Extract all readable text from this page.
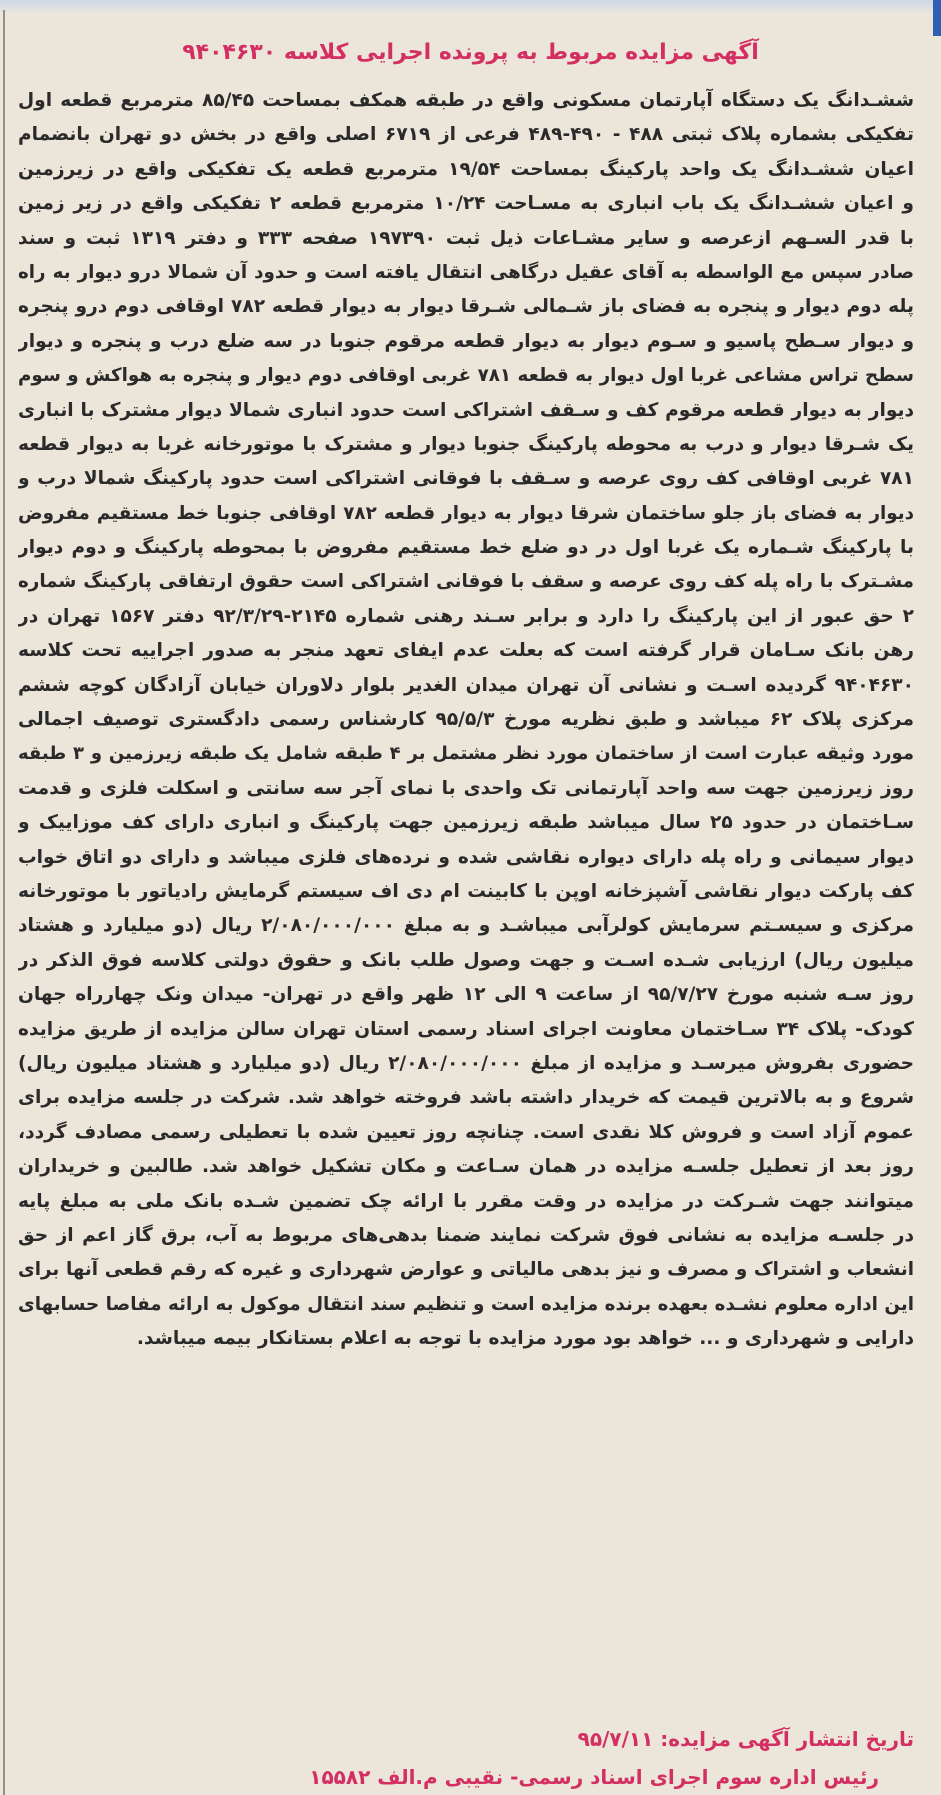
آگهی مزایده مربوط به پرونده اجرایی کلاسه ۹۴۰۴۶۳۰
ششـدانگ یک دستگاه آپارتمان مسکونی واقع در طبقه همکف بمساحت ۸۵/۴۵ مترمربع قطعه اول
تفکیکی بشماره پلاک ثبتی ۴۸۸ - ۴۹۰-۴۸۹ فرعی از ۶۷۱۹ اصلی واقع در بخش دو تهران بانضمام
اعیان ششـدانگ یک واحد پارکینگ بمساحت ۱۹/۵۴ مترمربع قطعه یک تفکیکی واقع در زیرزمین
و اعیان ششـدانگ یک باب انباری به مسـاحت ۱۰/۲۴ مترمربع قطعه ۲ تفکیکی واقع در زیر زمین
با قدر السـهم ازعرصه و سایر مشـاعات ذیل ثبت ۱۹۷۳۹۰ صفحه ۳۳۳ و دفتر ۱۳۱۹ ثبت و سند
صادر سپس مع الواسطه به آقای عقیل درگاهی انتقال یافته است و حدود آن شمالا درو دیوار به راه
پله دوم دیوار و پنجره به فضای باز شـمالی شـرقا دیوار به دیوار قطعه ۷۸۲ اوقافی دوم درو پنجره
و دیوار سـطح پاسیو و سـوم دیوار به دیوار قطعه مرقوم جنوبا در سه ضلع درب و پنجره و دیوار
سطح تراس مشاعی غربا اول دیوار به قطعه ۷۸۱ غربی اوقافی دوم دیوار و پنجره به هواکش و سوم
دیوار به دیوار قطعه مرقوم کف و سـقف اشتراکی است حدود انباری شمالا دیوار مشترک با انباری
یک شـرقا دیوار و درب به محوطه پارکینگ جنوبا دیوار و مشترک با موتورخانه غربا به دیوار قطعه
۷۸۱ غربی اوقافی کف روی عرصه و سـقف با فوقانی اشتراکی است حدود پارکینگ شمالا درب و
دیوار به فضای باز جلو ساختمان شرقا دیوار به دیوار قطعه ۷۸۲ اوقافی جنوبا خط مستقیم مفروض
با پارکینگ شـماره یک غربا اول در دو ضلع خط مستقیم مفروض با بمحوطه پارکینگ و دوم دیوار
مشـترک با راه پله کف روی عرصه و سقف با فوقانی اشتراکی است حقوق ارتفاقی پارکینگ شماره
۲ حق عبور از این پارکینگ را دارد و برابر سـند رهنی شماره ۲۱۴۵-۹۲/۳/۲۹ دفتر ۱۵۶۷ تهران در
رهن بانک سـامان قرار گرفته است که بعلت عدم ایفای تعهد منجر به صدور اجراییه تحت کلاسه
۹۴۰۴۶۳۰ گردیده اسـت و نشانی آن تهران میدان الغدیر بلوار دلاوران خیابان آزادگان کوچه ششم
مرکزی پلاک ۶۲ میباشد و طبق نظریه مورخ ۹۵/۵/۳ کارشناس رسمی دادگستری توصیف اجمالی
مورد وثیقه عبارت است از ساختمان مورد نظر مشتمل بر ۴ طبقه شامل یک طبقه زیرزمین و ۳ طبقه
روز زیرزمین جهت سه واحد آپارتمانی تک واحدی با نمای آجر سه سانتی و اسکلت فلزی و قدمت
سـاختمان در حدود ۲۵ سال میباشد طبقه زیرزمین جهت پارکینگ و انباری دارای کف موزاییک و
دیوار سیمانی و راه پله دارای دیواره نقاشی شده و نرده‌های فلزی میباشد و دارای دو اتاق خواب
کف پارکت دیوار نقاشی آشپزخانه اوپن با کابینت ام دی اف سیستم گرمایش رادیاتور با موتورخانه
مرکزی و سیسـتم سرمایش کولرآبی میباشـد و به مبلغ ۲/۰۸۰/۰۰۰/۰۰۰ ریال (دو میلیارد و هشتاد
میلیون ریال) ارزیابی شـده اسـت و جهت وصول طلب بانک و حقوق دولتی کلاسه فوق الذکر در
روز سـه شنبه مورخ ۹۵/۷/۲۷ از ساعت ۹ الی ۱۲ ظهر واقع در تهران- میدان ونک چهارراه جهان
کودک- پلاک ۳۴ سـاختمان معاونت اجرای اسناد رسمی استان تهران سالن مزایده از طریق مزایده
حضوری بفروش میرسـد و مزایده از مبلغ ۲/۰۸۰/۰۰۰/۰۰۰ ریال (دو میلیارد و هشتاد میلیون ریال)
شروع و به بالاترین قیمت که خریدار داشته باشد فروخته خواهد شد. شرکت در جلسه مزایده برای
عموم آزاد است و فروش کلا نقدی است. چنانچه روز تعیین شده با تعطیلی رسمی مصادف گردد،
روز بعد از تعطیل جلسـه مزایده در همان سـاعت و مکان تشکیل خواهد شد. طالبین و خریداران
میتوانند جهت شـرکت در مزایده در وقت مقرر با ارائه چک تضمین شـده بانک ملی به مبلغ پایه
در جلسـه مزایده به نشانی فوق شرکت نمایند ضمنا بدهی‌های مربوط به آب، برق گاز اعم از حق
انشعاب و اشتراک و مصرف و نیز بدهی مالیاتی و عوارض شهرداری و غیره که رقم قطعی آنها برای
این اداره معلوم نشـده بعهده برنده مزایده است و تنظیم سند انتقال موکول به ارائه مفاصا حسابهای
دارایی و شهرداری و ... خواهد بود مورد مزایده با توجه به اعلام بستانکار بیمه میباشد.
تاریخ انتشار آگهی مزایده: ۹۵/۷/۱۱
رئیس اداره سوم اجرای اسناد رسمی- نقیبی م.الف ۱۵۵۸۲
